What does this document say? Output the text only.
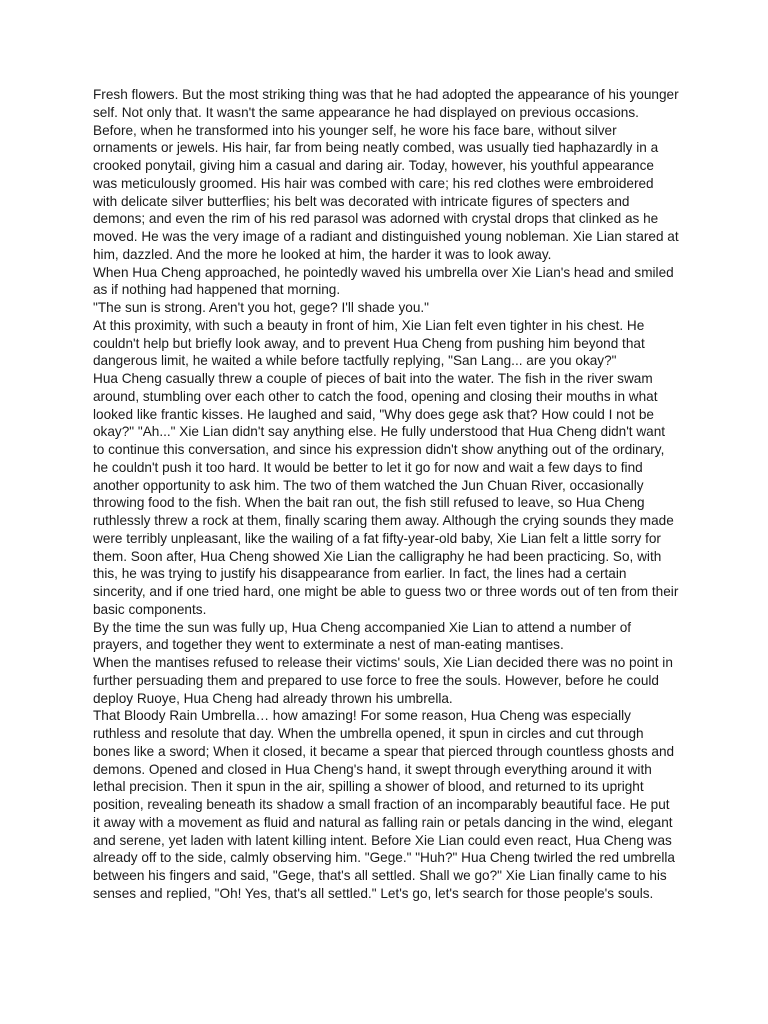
Fresh flowers. But the most striking thing was that he had adopted the appearance of his younger self. Not only that. It wasn't the same appearance he had displayed on previous occasions. Before, when he transformed into his younger self, he wore his face bare, without silver ornaments or jewels. His hair, far from being neatly combed, was usually tied haphazardly in a crooked ponytail, giving him a casual and daring air. Today, however, his youthful appearance was meticulously groomed. His hair was combed with care; his red clothes were embroidered with delicate silver butterflies; his belt was decorated with intricate figures of specters and demons; and even the rim of his red parasol was adorned with crystal drops that clinked as he moved. He was the very image of a radiant and distinguished young nobleman. Xie Lian stared at him, dazzled. And the more he looked at him, the harder it was to look away.

When Hua Cheng approached, he pointedly waved his umbrella over Xie Lian's head and smiled as if nothing had happened that morning.

"The sun is strong. Aren't you hot, gege? I'll shade you."

At this proximity, with such a beauty in front of him, Xie Lian felt even tighter in his chest. He couldn't help but briefly look away, and to prevent Hua Cheng from pushing him beyond that dangerous limit, he waited a while before tactfully replying, "San Lang... are you okay?"

Hua Cheng casually threw a couple of pieces of bait into the water. The fish in the river swam around, stumbling over each other to catch the food, opening and closing their mouths in what looked like frantic kisses. He laughed and said, "Why does gege ask that? How could I not be okay?" "Ah..." Xie Lian didn't say anything else. He fully understood that Hua Cheng didn't want to continue this conversation, and since his expression didn't show anything out of the ordinary, he couldn't push it too hard. It would be better to let it go for now and wait a few days to find another opportunity to ask him. The two of them watched the Jun Chuan River, occasionally throwing food to the fish. When the bait ran out, the fish still refused to leave, so Hua Cheng ruthlessly threw a rock at them, finally scaring them away. Although the crying sounds they made were terribly unpleasant, like the wailing of a fat fifty-year-old baby, Xie Lian felt a little sorry for them. Soon after, Hua Cheng showed Xie Lian the calligraphy he had been practicing. So, with this, he was trying to justify his disappearance from earlier. In fact, the lines had a certain sincerity, and if one tried hard, one might be able to guess two or three words out of ten from their basic components.

By the time the sun was fully up, Hua Cheng accompanied Xie Lian to attend a number of prayers, and together they went to exterminate a nest of man-eating mantises.

When the mantises refused to release their victims' souls, Xie Lian decided there was no point in further persuading them and prepared to use force to free the souls. However, before he could deploy Ruoye, Hua Cheng had already thrown his umbrella.

That Bloody Rain Umbrella… how amazing! For some reason, Hua Cheng was especially ruthless and resolute that day. When the umbrella opened, it spun in circles and cut through bones like a sword; When it closed, it became a spear that pierced through countless ghosts and demons. Opened and closed in Hua Cheng's hand, it swept through everything around it with lethal precision. Then it spun in the air, spilling a shower of blood, and returned to its upright position, revealing beneath its shadow a small fraction of an incomparably beautiful face. He put it away with a movement as fluid and natural as falling rain or petals dancing in the wind, elegant and serene, yet laden with latent killing intent. Before Xie Lian could even react, Hua Cheng was already off to the side, calmly observing him. "Gege." "Huh?" Hua Cheng twirled the red umbrella between his fingers and said, "Gege, that's all settled. Shall we go?" Xie Lian finally came to his senses and replied, "Oh! Yes, that's all settled." Let's go, let's search for those people's souls.
